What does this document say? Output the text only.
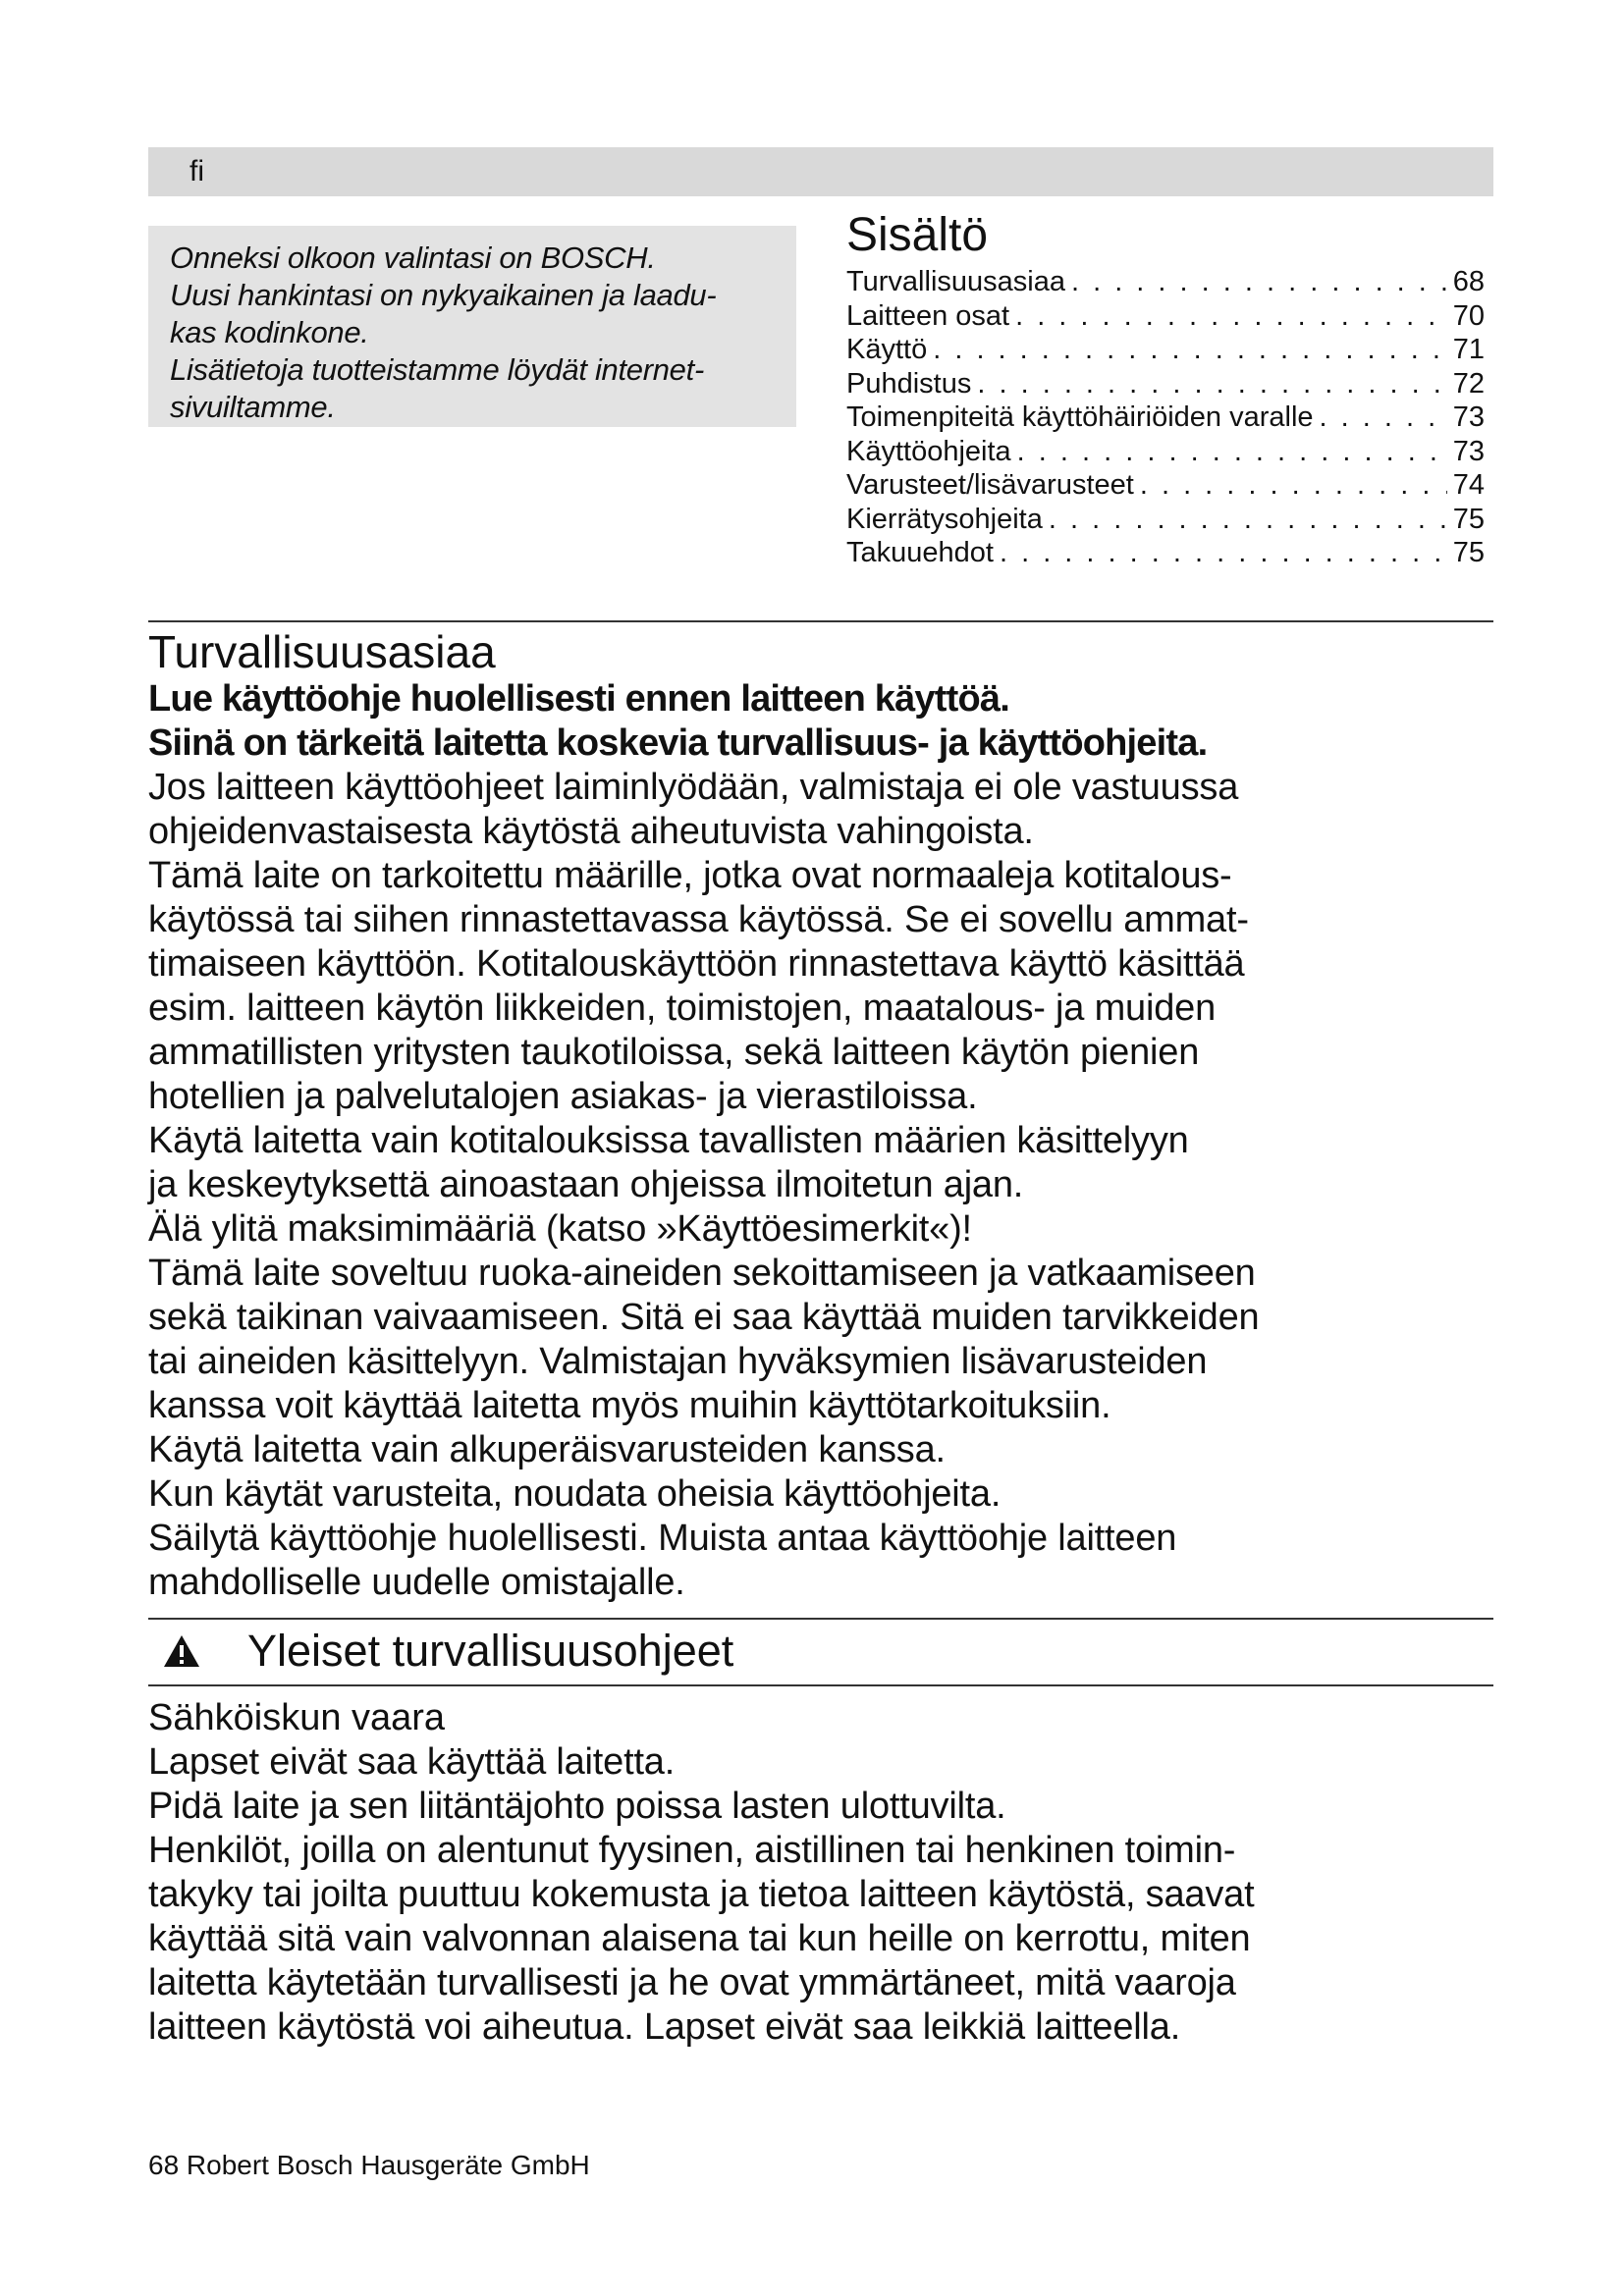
fi

Onneksi olkoon valintasi on BOSCH.

Uusi hankintasi on nykyaikainen ja laadu-

kas kodinkone.

Lisätietoja tuotteistamme löydät internet-

sivuiltamme.

Sisältö
Turvallisuusasiaa . . .	68
Laitteen osat . . .	70
Käyttö . . .	71
Puhdistus . . .	72
Toimenpiteitä käyttöhäiriöiden varalle . . .	73
Käyttöohjeita . . .	73
Varusteet/lisävarusteet . . .	74
Kierrätysohjeita . . .	75
Takuuehdot . . .	75
Turvallisuusasiaa

Lue käyttöohje huolellisesti ennen laitteen käyttöä.

Siinä on tärkeitä laitetta koskevia turvallisuus- ja käyttöohjeita.

Jos laitteen käyttöohjeet laiminlyödään, valmistaja ei ole vastuussa

ohjeidenvastaisesta käytöstä aiheutuvista vahingoista.

Tämä laite on tarkoitettu määrille, jotka ovat normaaleja kotitalous-

käytössä tai siihen rinnastettavassa käytössä. Se ei sovellu ammat-

timaiseen käyttöön. Kotitalouskäyttöön rinnastettava käyttö käsittää

esim. laitteen käytön liikkeiden, toimistojen, maatalous- ja muiden

ammatillisten yritysten taukotiloissa, sekä laitteen käytön pienien

hotellien ja palvelutalojen asiakas- ja vierastiloissa.

Käytä laitetta vain kotitalouksissa tavallisten määrien käsittelyyn

ja keskeytyksettä ainoastaan ohjeissa ilmoitetun ajan.

Älä ylitä maksimimääriä (katso »Käyttöesimerkit«)!

Tämä laite soveltuu ruoka-aineiden sekoittamiseen ja vatkaamiseen

sekä taikinan vaivaamiseen. Sitä ei saa käyttää muiden tarvikkeiden

tai aineiden käsittelyyn. Valmistajan hyväksymien lisävarusteiden

kanssa voit käyttää laitetta myös muihin käyttötarkoituksiin.

Käytä laitetta vain alkuperäisvarusteiden kanssa.

Kun käytät varusteita, noudata oheisia käyttöohjeita.

Säilytä käyttöohje huolellisesti. Muista antaa käyttöohje laitteen

mahdolliselle uudelle omistajalle.

Yleiset turvallisuusohjeet
Sähköiskun vaara

Lapset eivät saa käyttää laitetta.

Pidä laite ja sen liitäntäjohto poissa lasten ulottuvilta.

Henkilöt, joilla on alentunut fyysinen, aistillinen tai henkinen toimin-

takyky tai joilta puuttuu kokemusta ja tietoa laitteen käytöstä, saavat

käyttää sitä vain valvonnan alaisena tai kun heille on kerrottu, miten

laitetta käytetään turvallisesti ja he ovat ymmärtäneet, mitä vaaroja

laitteen käytöstä voi aiheutua. Lapset eivät saa leikkiä laitteella.

68 Robert Bosch Hausgeräte GmbH
